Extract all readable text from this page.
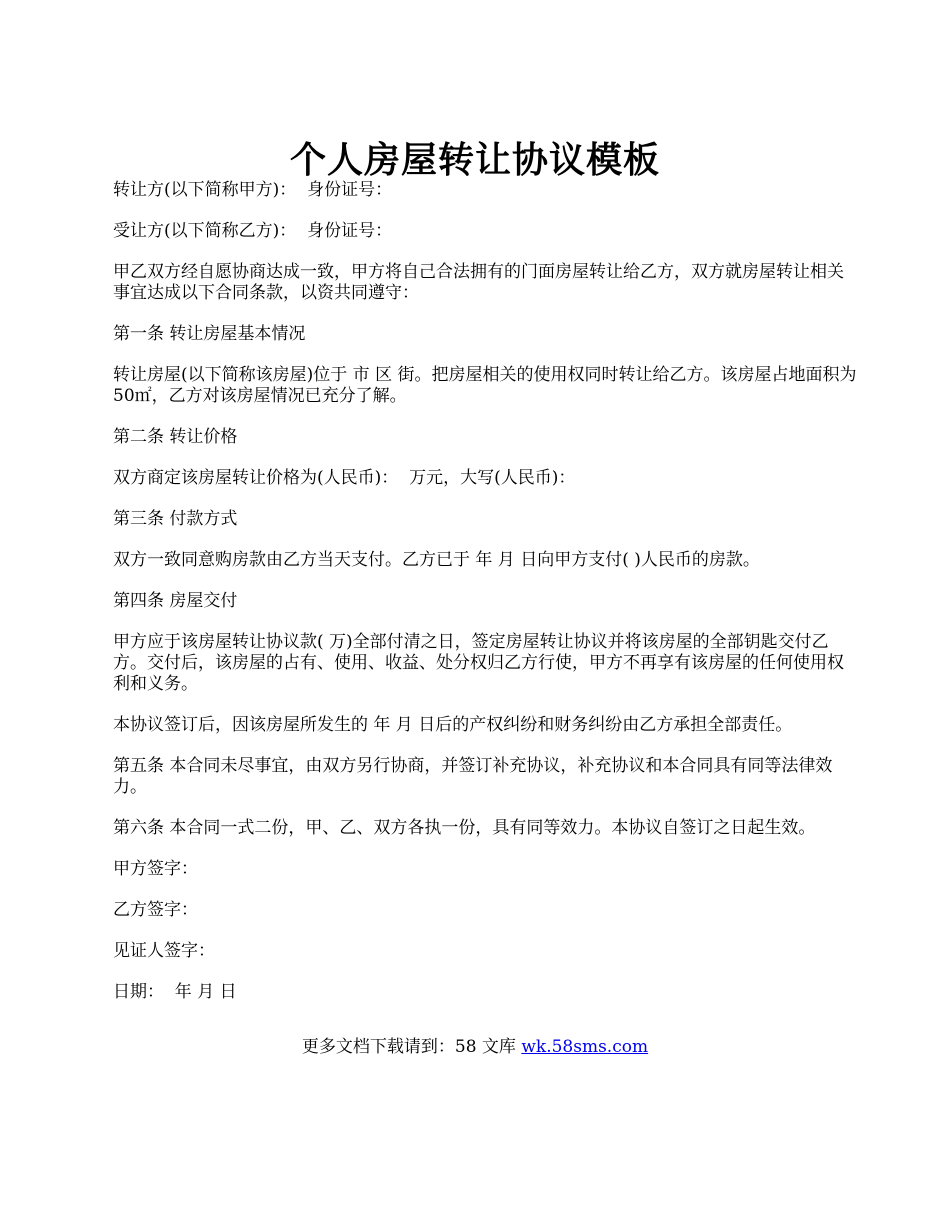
个人房屋转让协议模板

转让方(以下简称甲方)：  身份证号：

受让方(以下简称乙方)：  身份证号：

甲乙双方经自愿协商达成一致，甲方将自己合法拥有的门面房屋转让给乙方，双方就房屋转让相关事宜达成以下合同条款，以资共同遵守：

第一条 转让房屋基本情况

转让房屋(以下简称该房屋)位于 市 区 街。把房屋相关的使用权同时转让给乙方。该房屋占地面积为50㎡，乙方对该房屋情况已充分了解。

第二条 转让价格

双方商定该房屋转让价格为(人民币)：  万元，大写(人民币)：

第三条 付款方式

双方一致同意购房款由乙方当天支付。乙方已于 年 月 日向甲方支付( )人民币的房款。

第四条 房屋交付

甲方应于该房屋转让协议款( 万)全部付清之日，签定房屋转让协议并将该房屋的全部钥匙交付乙方。交付后，该房屋的占有、使用、收益、处分权归乙方行使，甲方不再享有该房屋的任何使用权利和义务。

本协议签订后，因该房屋所发生的 年 月 日后的产权纠纷和财务纠纷由乙方承担全部责任。

第五条 本合同未尽事宜，由双方另行协商，并签订补充协议，补充协议和本合同具有同等法律效力。

第六条 本合同一式二份，甲、乙、双方各执一份，具有同等效力。本协议自签订之日起生效。

甲方签字：

乙方签字：

见证人签字：

日期：  年 月 日

更多文档下载请到：58 文库 wk.58sms.com
